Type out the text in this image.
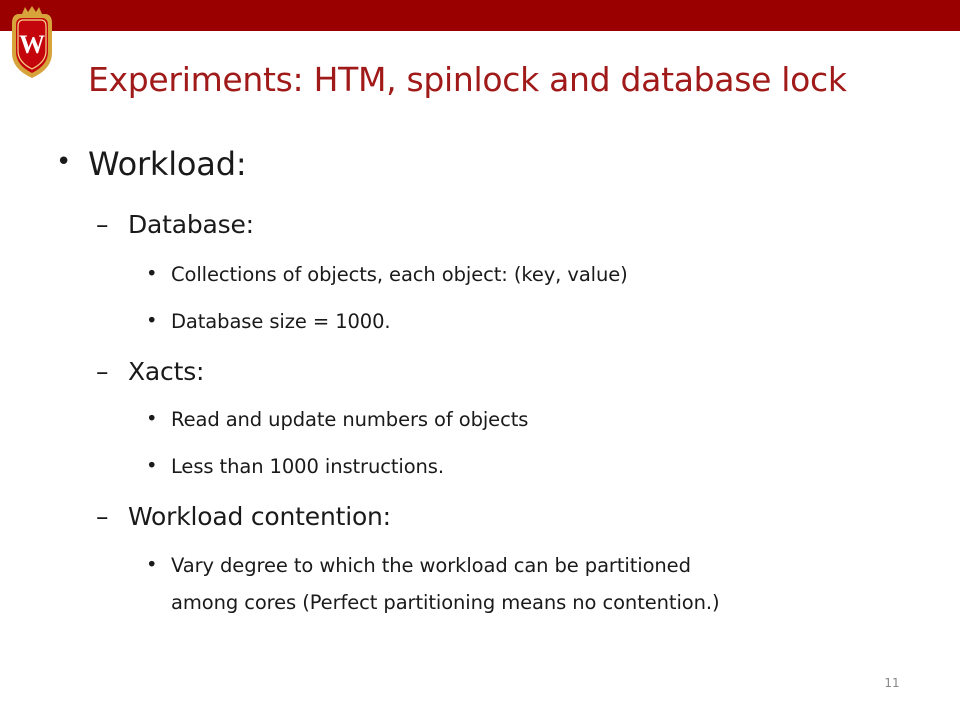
W
Experiments: HTM, spinlock and database lock
• Workload:
– Database:
• Collections of objects, each object: (key, value)
• Database size = 1000.
– Xacts:
• Read and update numbers of objects
• Less than 1000 instructions.
– Workload contention:
• Vary degree to which the workload can be partitioned
among cores (Perfect partitioning means no contention.)
11
